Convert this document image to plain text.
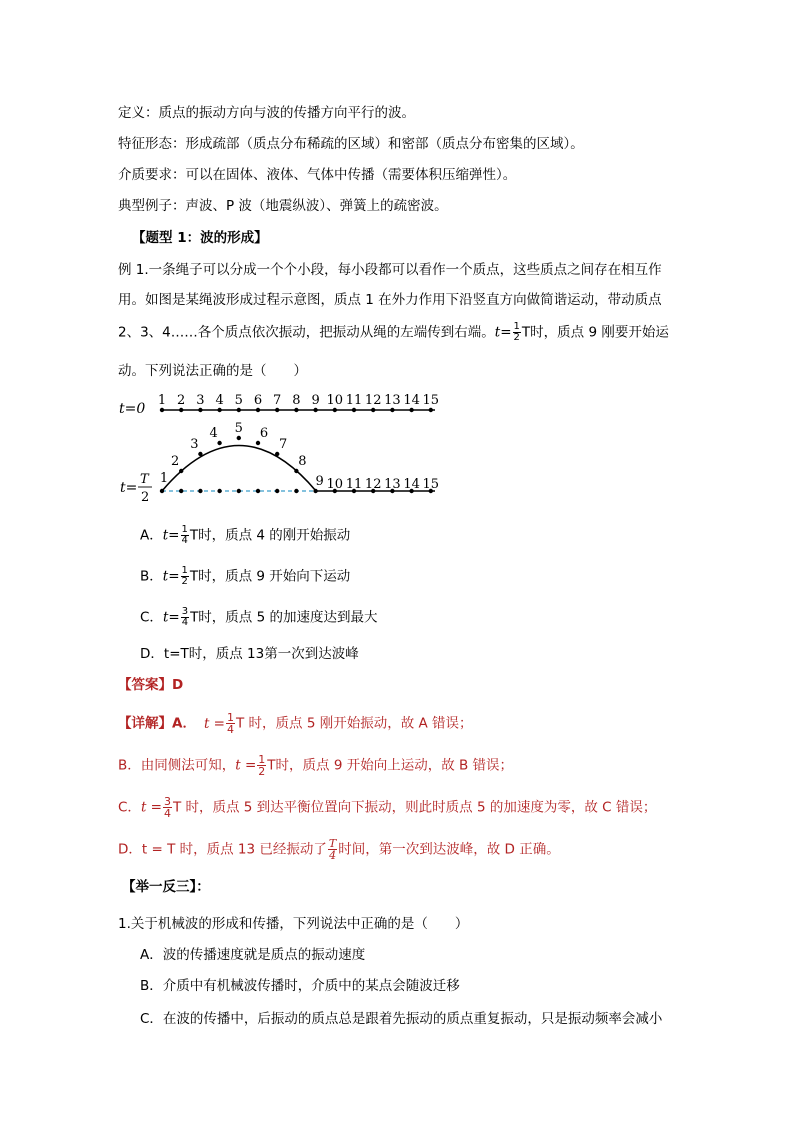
定义：质点的振动方向与波的传播方向平行的波。
特征形态：形成疏部（质点分布稀疏的区域）和密部（质点分布密集的区域）。
介质要求：可以在固体、液体、气体中传播（需要体积压缩弹性）。
典型例子：声波、P 波（地震纵波）、弹簧上的疏密波。
【题型 1：波的形成】
例 1.一条绳子可以分成一个个小段，每小段都可以看作一个质点，这些质点之间存在相互作
用。如图是某绳波形成过程示意图，质点 1 在外力作用下沿竖直方向做简谐运动，带动质点
2、3、4……各个质点依次振动，把振动从绳的左端传到右端。$t= \frac{1}{2}$ T时，质点 9 刚要开始运
动。下列说法正确的是（　　）
t=0
1 2 3 4 5 6 7 8 9 10 11 12 13 14 15
t=
T
2
1
2
3
4 5 6
7
8
9 10 11 12 13 14 15
A．$t= \frac{1}{4}$ T时，质点 4 的刚开始振动
B．$t= \frac{1}{2}$ T时，质点 9 开始向下运动
C．$t= \frac{3}{4}$ T时，质点 5 的加速度达到最大
D．t=T时，质点 13第一次到达波峰
【答案】D
【详解】A． $t = \frac{1}{4}$ T 时，质点 5 刚开始振动，故 A 错误；
B．由同侧法可知，$t = \frac{1}{2}$ T时，质点 9 开始向上运动，故 B 错误；
C．$t = \frac{3}{4}$ T 时，质点 5 到达平衡位置向下振动，则此时质点 5 的加速度为零，故 C 错误；
D．t = T 时，质点 13 已经振动了 $\frac{T}{4}$ 时间，第一次到达波峰，故 D 正确。
【举一反三】：
1.关于机械波的形成和传播，下列说法中正确的是（　　）
A．波的传播速度就是质点的振动速度
B．介质中有机械波传播时，介质中的某点会随波迁移
C．在波的传播中，后振动的质点总是跟着先振动的质点重复振动，只是振动频率会减小
